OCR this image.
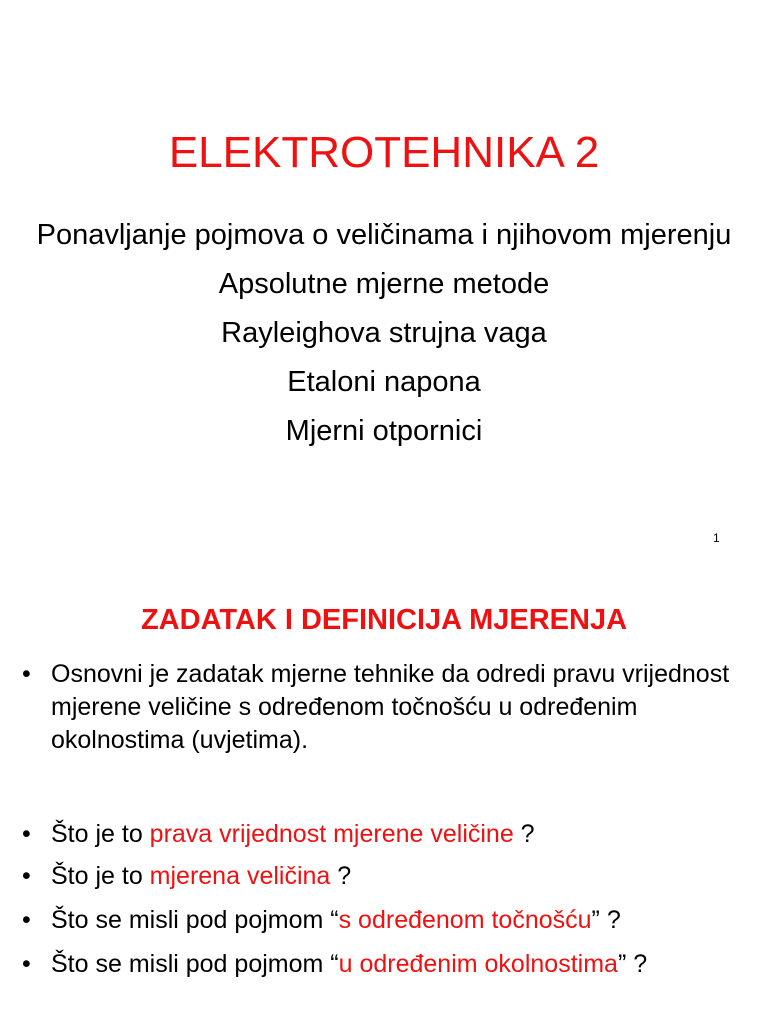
ELEKTROTEHNIKA 2
Ponavljanje pojmova o veličinama i njihovom mjerenju
Apsolutne mjerne metode
Rayleighova strujna vaga
Etaloni napona
Mjerni otpornici
1
ZADATAK I DEFINICIJA MJERENJA

• Osnovni je zadatak mjerne tehnike da odredi pravu vrijednost mjerene veličine s određenom točnošću u određenim okolnostima (uvjetima).

• Što je to prava vrijednost mjerene veličine ?

• Što je to mjerena veličina ?

• Što se misli pod pojmom “s određenom točnošću” ?

• Što se misli pod pojmom “u određenim okolnostima” ?
